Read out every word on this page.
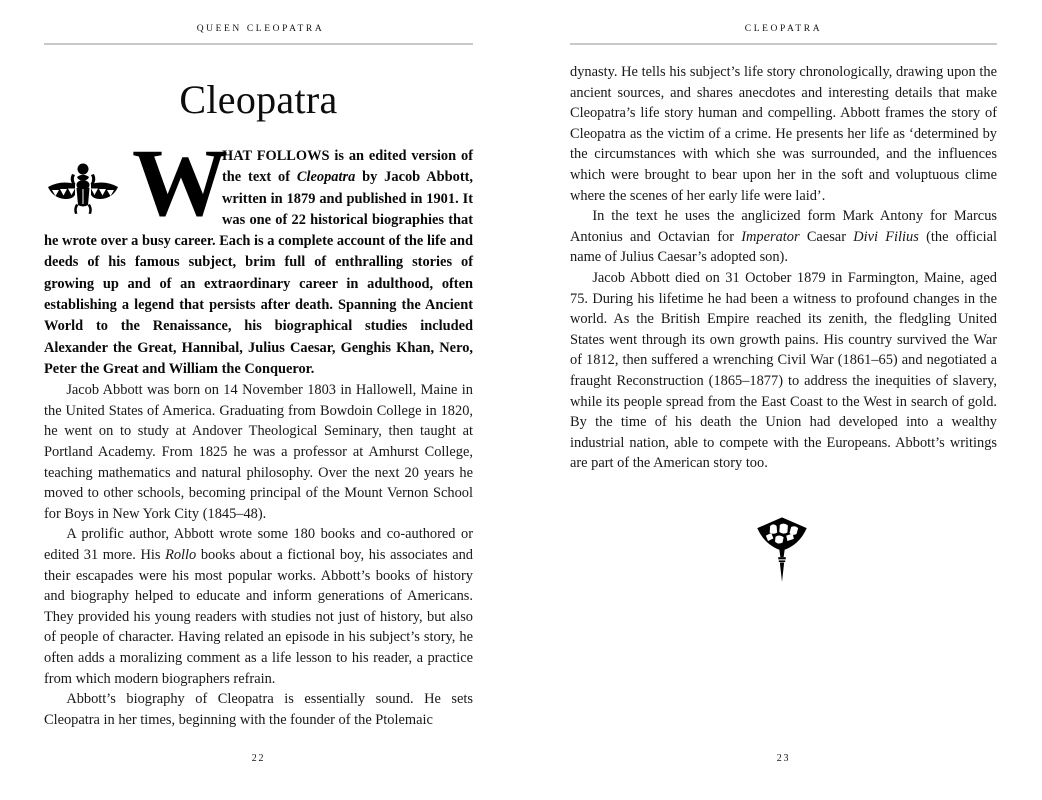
QUEEN CLEOPATRA
Cleopatra
W

HAT FOLLOWS is an edited version of the text of Cleopatra by Jacob Abbott, written in 1879 and published in 1901. It was one of 22 historical biographies that he wrote over a busy career. Each is a complete account of the life and deeds of his famous subject, brim full of enthralling stories of growing up and of an extraordinary career in adulthood, often establishing a legend that persists after death. Spanning the Ancient World to the Renaissance, his biographical studies included Alexander the Great, Hannibal, Julius Caesar, Genghis Khan, Nero, Peter the Great and William the Conqueror.

Jacob Abbott was born on 14 November 1803 in Hallowell, Maine in the United States of America. Graduating from Bowdoin College in 1820, he went on to study at Andover Theological Seminary, then taught at Portland Academy. From 1825 he was a professor at Amhurst College, teaching mathematics and natural philosophy. Over the next 20 years he moved to other schools, becoming principal of the Mount Vernon School for Boys in New York City (1845–48).

A prolific author, Abbott wrote some 180 books and co-authored or edited 31 more. His Rollo books about a fictional boy, his associates and their escapades were his most popular works. Abbott’s books of history and biography helped to educate and inform generations of Americans. They provided his young readers with studies not just of history, but also of people of character. Having related an episode in his subject’s story, he often adds a moralizing comment as a life lesson to his reader, a practice from which modern biographers refrain.

Abbott’s biography of Cleopatra is essentially sound. He sets Cleopatra in her times, beginning with the founder of the Ptolemaic

22
CLEOPATRA

dynasty. He tells his subject’s life story chronologically, drawing upon the ancient sources, and shares anecdotes and interesting details that make Cleopatra’s life story human and compelling. Abbott frames the story of Cleopatra as the victim of a crime. He presents her life as ‘determined by the circumstances with which she was surrounded, and the influences which were brought to bear upon her in the soft and voluptuous clime where the scenes of her early life were laid’.

In the text he uses the anglicized form Mark Antony for Marcus Antonius and Octavian for Imperator Caesar Divi Filius (the official name of Julius Caesar’s adopted son).

Jacob Abbott died on 31 October 1879 in Farmington, Maine, aged 75. During his lifetime he had been a witness to profound changes in the world. As the British Empire reached its zenith, the fledgling United States went through its own growth pains. His country survived the War of 1812, then suffered a wrenching Civil War (1861–65) and negotiated a fraught Reconstruction (1865–1877) to address the inequities of slavery, while its people spread from the East Coast to the West in search of gold. By the time of his death the Union had developed into a wealthy industrial nation, able to compete with the Europeans. Abbott’s writings are part of the American story too.

23
